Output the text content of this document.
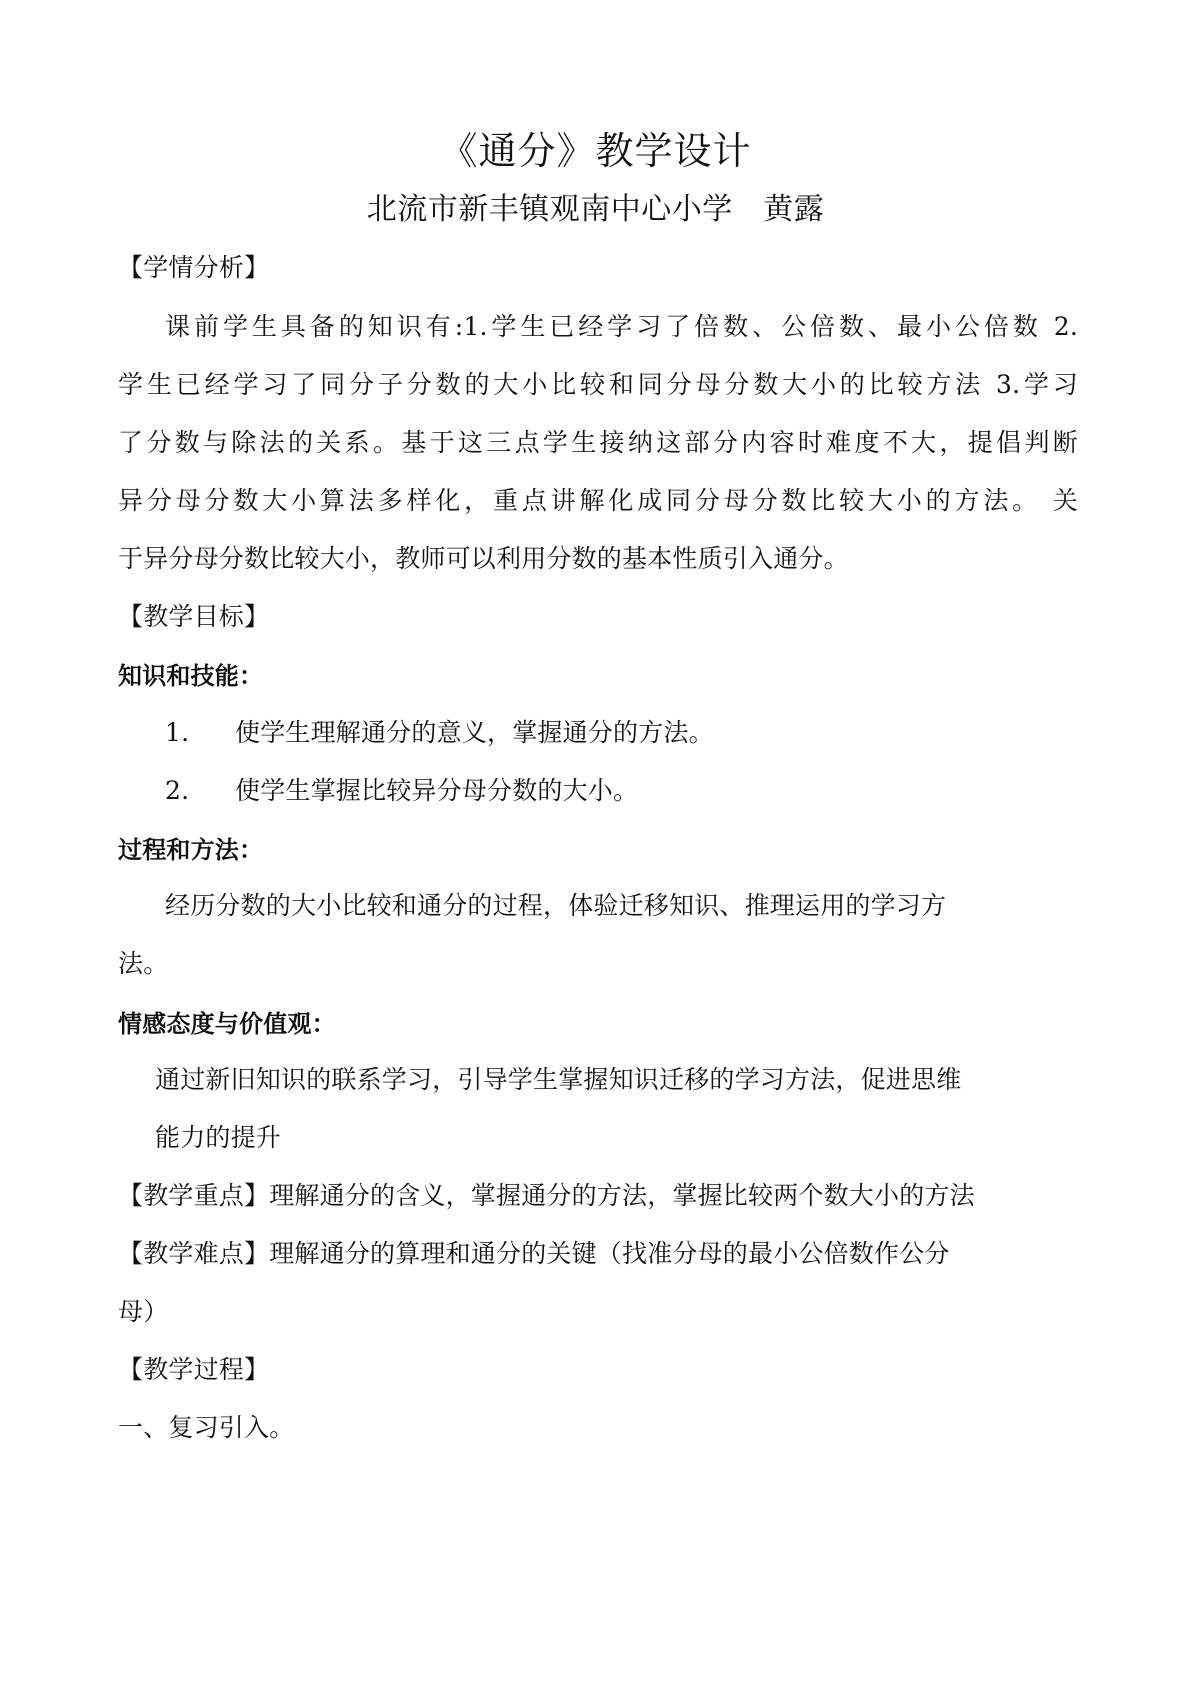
《通分》教学设计
北流市新丰镇观南中心小学　黄露
【学情分析】
课前学生具备的知识有:1.学生已经学习了倍数、公倍数、最小公倍数 2.
学生已经学习了同分子分数的大小比较和同分母分数大小的比较方法 3.学习
了分数与除法的关系。基于这三点学生接纳这部分内容时难度不大，提倡判断
异分母分数大小算法多样化，重点讲解化成同分母分数比较大小的方法。 关
于异分母分数比较大小，教师可以利用分数的基本性质引入通分。
【教学目标】
知识和技能：
1. 使学生理解通分的意义，掌握通分的方法。
2. 使学生掌握比较异分母分数的大小。
过程和方法：
经历分数的大小比较和通分的过程，体验迁移知识、推理运用的学习方
法。
情感态度与价值观：
通过新旧知识的联系学习，引导学生掌握知识迁移的学习方法，促进思维
能力的提升
【教学重点】理解通分的含义，掌握通分的方法，掌握比较两个数大小的方法
【教学难点】理解通分的算理和通分的关键（找准分母的最小公倍数作公分
母）
【教学过程】
一、复习引入。
